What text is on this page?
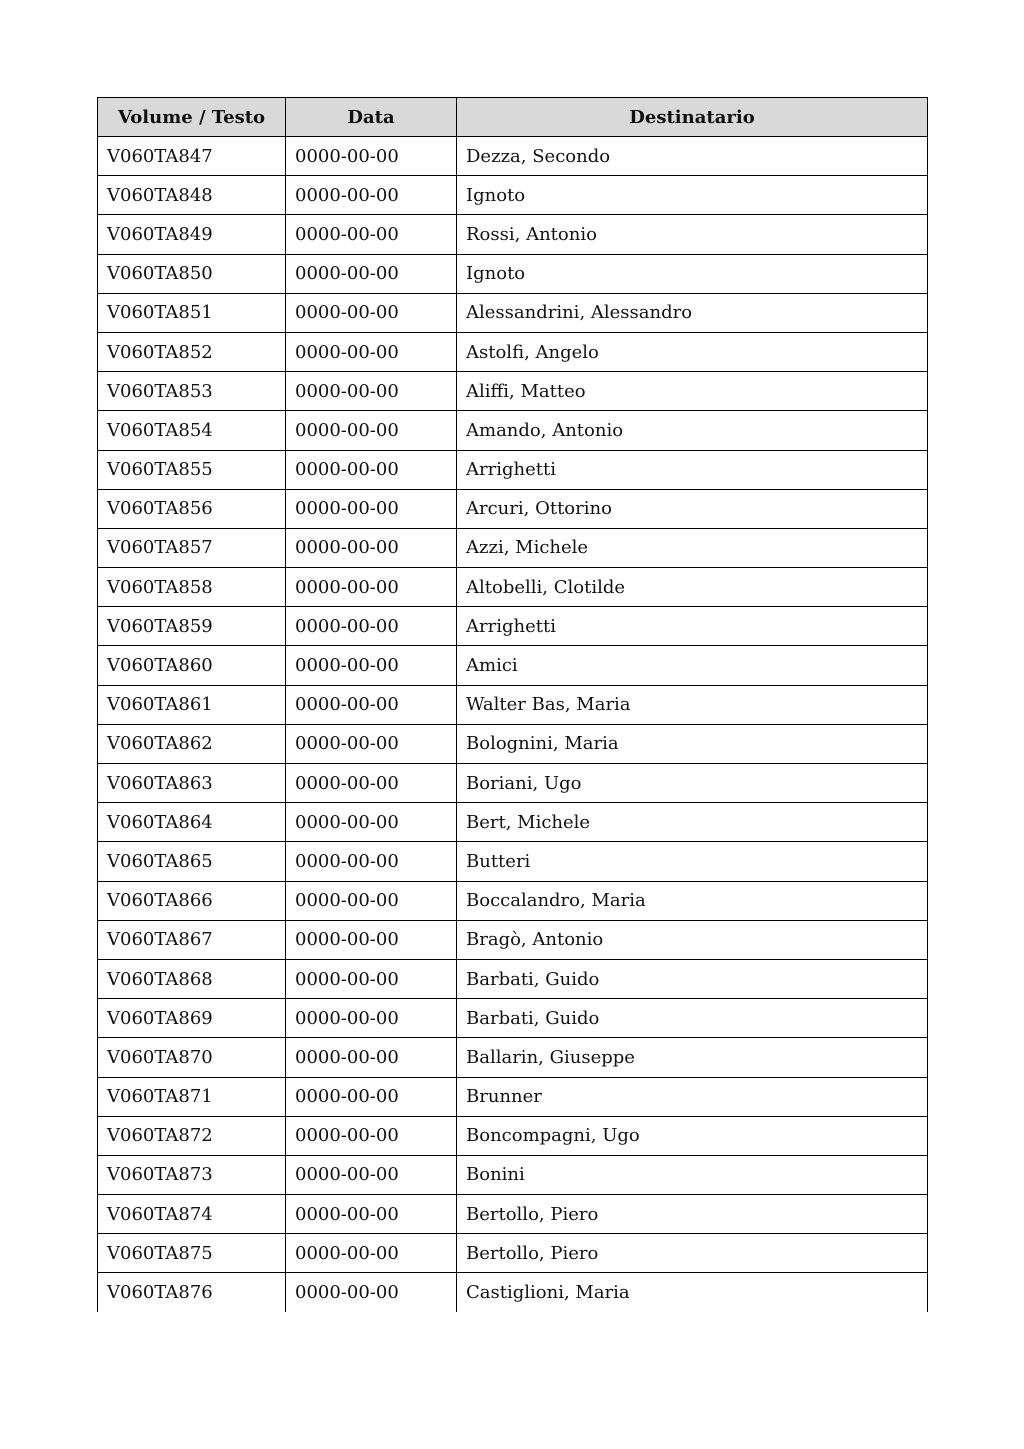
Volume / Testo	Data	Destinatario
V060TA847	0000-00-00	Dezza, Secondo
V060TA848	0000-00-00	Ignoto
V060TA849	0000-00-00	Rossi, Antonio
V060TA850	0000-00-00	Ignoto
V060TA851	0000-00-00	Alessandrini, Alessandro
V060TA852	0000-00-00	Astolfi, Angelo
V060TA853	0000-00-00	Aliffi, Matteo
V060TA854	0000-00-00	Amando, Antonio
V060TA855	0000-00-00	Arrighetti
V060TA856	0000-00-00	Arcuri, Ottorino
V060TA857	0000-00-00	Azzi, Michele
V060TA858	0000-00-00	Altobelli, Clotilde
V060TA859	0000-00-00	Arrighetti
V060TA860	0000-00-00	Amici
V060TA861	0000-00-00	Walter Bas, Maria
V060TA862	0000-00-00	Bolognini, Maria
V060TA863	0000-00-00	Boriani, Ugo
V060TA864	0000-00-00	Bert, Michele
V060TA865	0000-00-00	Butteri
V060TA866	0000-00-00	Boccalandro, Maria
V060TA867	0000-00-00	Bragò, Antonio
V060TA868	0000-00-00	Barbati, Guido
V060TA869	0000-00-00	Barbati, Guido
V060TA870	0000-00-00	Ballarin, Giuseppe
V060TA871	0000-00-00	Brunner
V060TA872	0000-00-00	Boncompagni, Ugo
V060TA873	0000-00-00	Bonini
V060TA874	0000-00-00	Bertollo, Piero
V060TA875	0000-00-00	Bertollo, Piero
V060TA876	0000-00-00	Castiglioni, Maria
